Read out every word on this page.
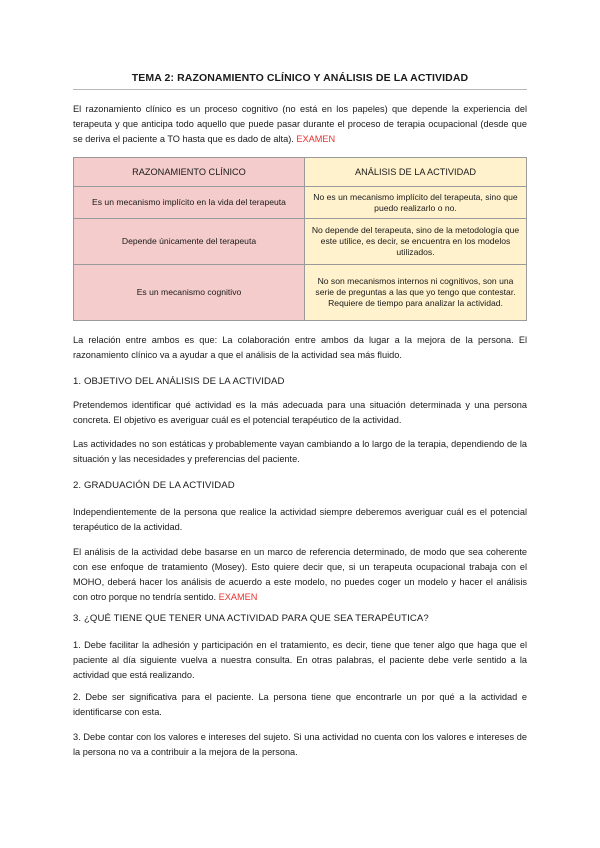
TEMA 2: RAZONAMIENTO CLÍNICO Y ANÁLISIS DE LA ACTIVIDAD
El razonamiento clínico es un proceso cognitivo (no está en los papeles) que depende la experiencia del terapeuta y que anticipa todo aquello que puede pasar durante el proceso de terapia ocupacional (desde que se deriva el paciente a TO hasta que es dado de alta). EXAMEN
RAZONAMIENTO CLÍNICO	ANÁLISIS DE LA ACTIVIDAD
Es un mecanismo implícito en la vida del terapeuta	No es un mecanismo implícito del terapeuta, sino que puedo realizarlo o no.
Depende únicamente del terapeuta	No depende del terapeuta, sino de la metodología que este utilice, es decir, se encuentra en los modelos utilizados.
Es un mecanismo cognitivo	No son mecanismos internos ni cognitivos, son una serie de preguntas a las que yo tengo que contestar. Requiere de tiempo para analizar la actividad.
La relación entre ambos es que: La colaboración entre ambos da lugar a la mejora de la persona. El razonamiento clínico va a ayudar a que el análisis de la actividad sea más fluido.
1. OBJETIVO DEL ANÁLISIS DE LA ACTIVIDAD
Pretendemos identificar qué actividad es la más adecuada para una situación determinada y una persona concreta. El objetivo es averiguar cuál es el potencial terapéutico de la actividad.
Las actividades no son estáticas y probablemente vayan cambiando a lo largo de la terapia, dependiendo de la situación y las necesidades y preferencias del paciente.
2. GRADUACIÓN DE LA ACTIVIDAD
Independientemente de la persona que realice la actividad siempre deberemos averiguar cuál es el potencial terapéutico de la actividad.
El análisis de la actividad debe basarse en un marco de referencia determinado, de modo que sea coherente con ese enfoque de tratamiento (Mosey). Esto quiere decir que, si un terapeuta ocupacional trabaja con el MOHO, deberá hacer los análisis de acuerdo a este modelo, no puedes coger un modelo y hacer el análisis con otro porque no tendría sentido. EXAMEN
3. ¿QUÉ TIENE QUE TENER UNA ACTIVIDAD PARA QUE SEA TERAPÉUTICA?
1. Debe facilitar la adhesión y participación en el tratamiento, es decir, tiene que tener algo que haga que el paciente al día siguiente vuelva a nuestra consulta. En otras palabras, el paciente debe verle sentido a la actividad que está realizando.
2. Debe ser significativa para el paciente. La persona tiene que encontrarle un por qué a la actividad e identificarse con esta.
3. Debe contar con los valores e intereses del sujeto. Si una actividad no cuenta con los valores e intereses de la persona no va a contribuir a la mejora de la persona.
